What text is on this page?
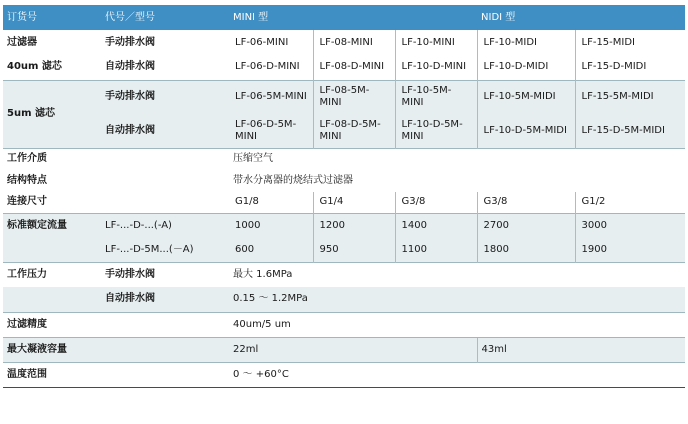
订货号	代号／型号	MINI 型			NIDI 型	
过滤器	手动排水阀	LF-06-MINI	LF-08-MINI	LF-10-MINI	LF-10-MIDI	LF-15-MIDI
40um 滤芯	自动排水阀	LF-06-D-MINI	LF-08-D-MINI	LF-10-D-MINI	LF-10-D-MIDI	LF-15-D-MIDI
5um 滤芯	手动排水阀	LF-06-5M-MINI	LF-08-5M-MINI	LF-10-5M-MINI	LF-10-5M-MIDI	LF-15-5M-MIDI
	自动排水阀	LF-06-D-5M-MINI	LF-08-D-5M-MINI	LF-10-D-5M-MINI	LF-10-D-5M-MIDI	LF-15-D-5M-MIDI
工作介质		压缩空气				
结构特点		带水分离器的烧结式过滤器				
连接尺寸		G1/8	G1/4	G3/8	G3/8	G1/2
标准额定流量	LF-...-D-...(-A)	1000	1200	1400	2700	3000
	LF-...-D-5M...(－A)	600	950	1100	1800	1900
工作压力	手动排水阀	最大 1.6MPa				
	自动排水阀	0.15 ～ 1.2MPa				
过滤精度		40um/5 um				
最大凝液容量		22ml			43ml	
温度范围		0 ～ +60°C				
